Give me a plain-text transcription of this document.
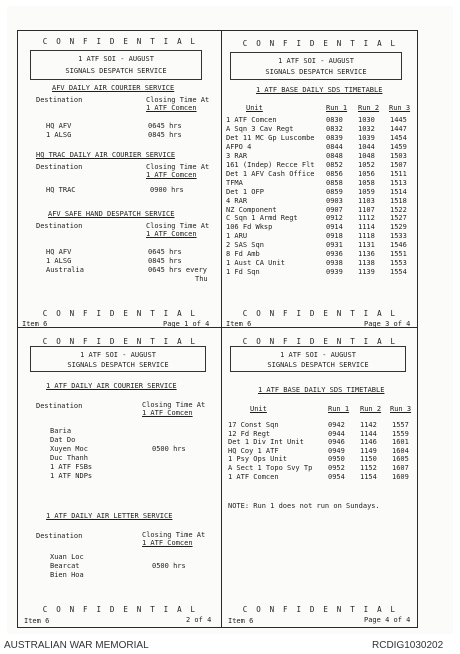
C O N F I D E N T I A L
1 ATF SOI - AUGUST
SIGNALS DESPATCH SERVICE
AFV DAILY AIR COURIER SERVICE
Destination	Closing Time At
1 ATF Comcen
HQ AFV	0645 hrs
1 ALSG	0845 hrs
HQ TRAC DAILY AIR COURIER SERVICE
Destination	Closing Time At
1 ATF Comcen
HQ TRAC	0900 hrs
AFV SAFE HAND DESPATCH SERVICE
Destination	Closing Time At
1 ATF Comcen
HQ AFV	0645 hrs
1 ALSG	0845 hrs
Australia	0645 hrs every
Thu
Item 6
C O N F I D E N T I A L
Page 1 of 4
C O N F I D E N T I A L
1 ATF SOI - AUGUST
SIGNALS DESPATCH SERVICE
1 ATF BASE DAILY SDS TIMETABLE
Unit	Run 1 Run 2 Run 3
1 ATF Comcen	0830 1030 1445
A Sqn 3 Cav Regt	0832 1032 1447
Det 11 MC Gp Luscombe 0839 1039 1454
AFPO 4	0844 1044 1459
3 RAR	0848 1048 1503
161 (Indep) Recce Flt 0852 1052 1507
Det 1 AFV Cash Office 0856 1056 1511
TFMA	0858 1058 1513
Det 1 OFP	0859 1059 1514
4 RAR	0903 1103 1518
NZ Component	0907 1107 1522
C Sqn 1 Armd Regt	0912 1112 1527
106 Fd Wksp	0914 1114 1529
1 ARU	0918 1118 1533
2 SAS Sqn	0931 1131 1546
8 Fd Amb	0936 1136 1551
1 Aust CA Unit	0938 1138 1553
1 Fd Sqn	0939 1139 1554
Item 6
C O N F I D E N T I A L
Page 3 of 4
C O N F I D E N T I A L
1 ATF SOI - AUGUST
SIGNALS DESPATCH SERVICE
1 ATF DAILY AIR COURIER SERVICE
Destination	Closing Time At
1 ATF Comcen
Baria
Dat Do
Xuyen Moc
Duc Thanh
1 ATF FSBs
1 ATF NDPs
0500 hrs
1 ATF DAILY AIR LETTER SERVICE
Destination	Closing Time At
1 ATF Comcen
Xuan Loc
Bearcat
Bien Hoa
0500 hrs
C O N F I D E N T I A L
Item 6	2 of 4
C O N F I D E N T I A L
1 ATF SOI - AUGUST
SIGNALS DESPATCH SERVICE
1 ATF BASE DAILY SDS TIMETABLE
Unit	Run 1 Run 2 Run 3
17 Const Sqn	0942 1142 1557
12 Fd Regt	0944 1144 1559
Det 1 Div Int Unit	0946 1146 1601
HQ Coy 1 ATF	0949 1149 1604
1 Psy Ops Unit	0950 1150 1605
A Sect 1 Topo Svy Tp 0952 1152 1607
1 ATF Comcen	0954 1154 1609
NOTE: Run 1 does not run on Sundays.
C O N F I D E N T I A L
Item 6	Page 4 of 4
AUSTRALIAN WAR MEMORIAL	RCDIG1030202
